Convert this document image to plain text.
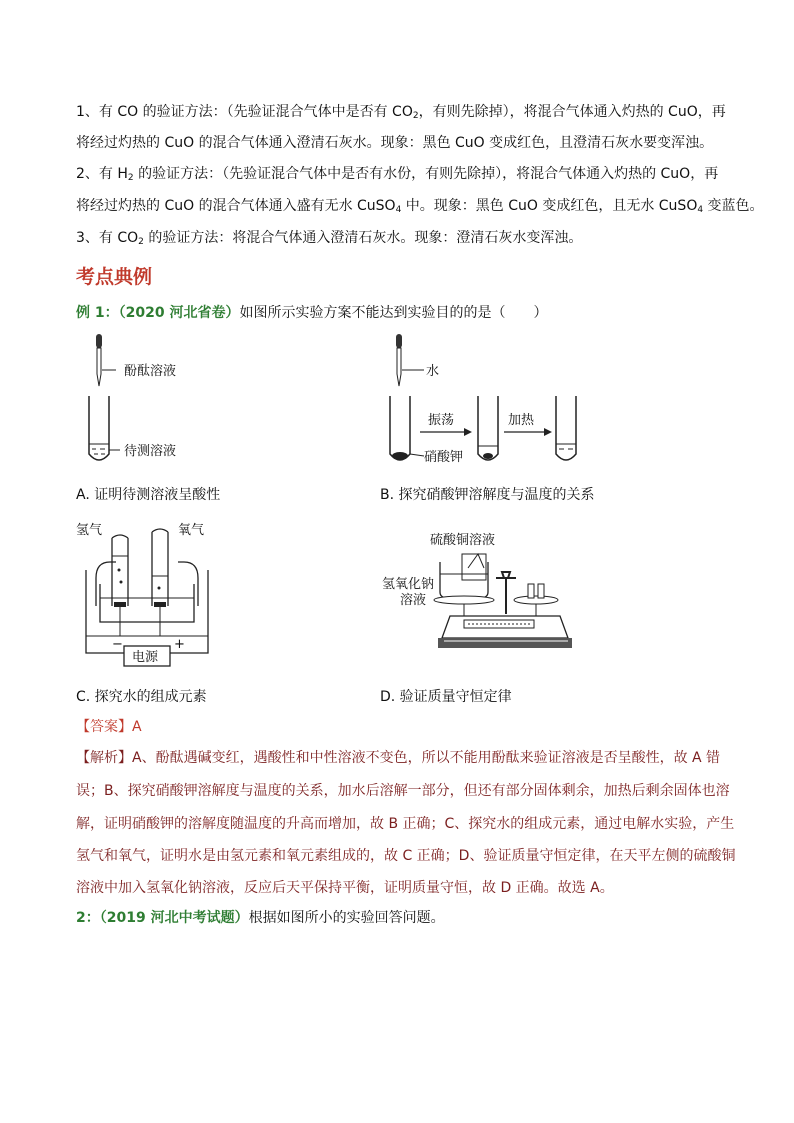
1、有 CO 的验证方法：（先验证混合气体中是否有 $CO_2$，有则先除掉），将混合气体通入灼热的 CuO，再
将经过灼热的 CuO 的混合气体通入澄清石灰水。现象：黑色 CuO 变成红色，且澄清石灰水要变浑浊。
2、有 $H_2$ 的验证方法：（先验证混合气体中是否有水份，有则先除掉），将混合气体通入灼热的 CuO，再
将经过灼热的 CuO 的混合气体通入盛有无水 CuSO$_4$ 中。现象：黑色 CuO 变成红色，且无水 CuSO$_4$ 变蓝色。
3、有 $CO_2$ 的验证方法：将混合气体通入澄清石灰水。现象：澄清石灰水变浑浊。
考点典例
例 1：（2020 河北省卷）如图所示实验方案不能达到实验目的的是（　　）
酚酞溶液
待测溶液
A. 证明待测溶液呈酸性
水
硝酸钾
振荡	加热
B. 探究硝酸钾溶解度与温度的关系
氢气	氧气
−	+
电源
C. 探究水的组成元素
硫酸铜溶液
氢氧化钠
溶液
D. 验证质量守恒定律
【答案】A
【解析】A、酚酞遇碱变红，遇酸性和中性溶液不变色，所以不能用酚酞来验证溶液是否呈酸性，故 A 错
误；B、探究硝酸钾溶解度与温度的关系，加水后溶解一部分，但还有部分固体剩余，加热后剩余固体也溶
解，证明硝酸钾的溶解度随温度的升高而增加，故 B 正确；C、探究水的组成元素，通过电解水实验，产生
氢气和氧气，证明水是由氢元素和氧元素组成的，故 C 正确；D、验证质量守恒定律，在天平左侧的硫酸铜
溶液中加入氢氧化钠溶液，反应后天平保持平衡，证明质量守恒，故 D 正确。故选 A。
2：（2019 河北中考试题）根据如图所小的实验回答问题。
